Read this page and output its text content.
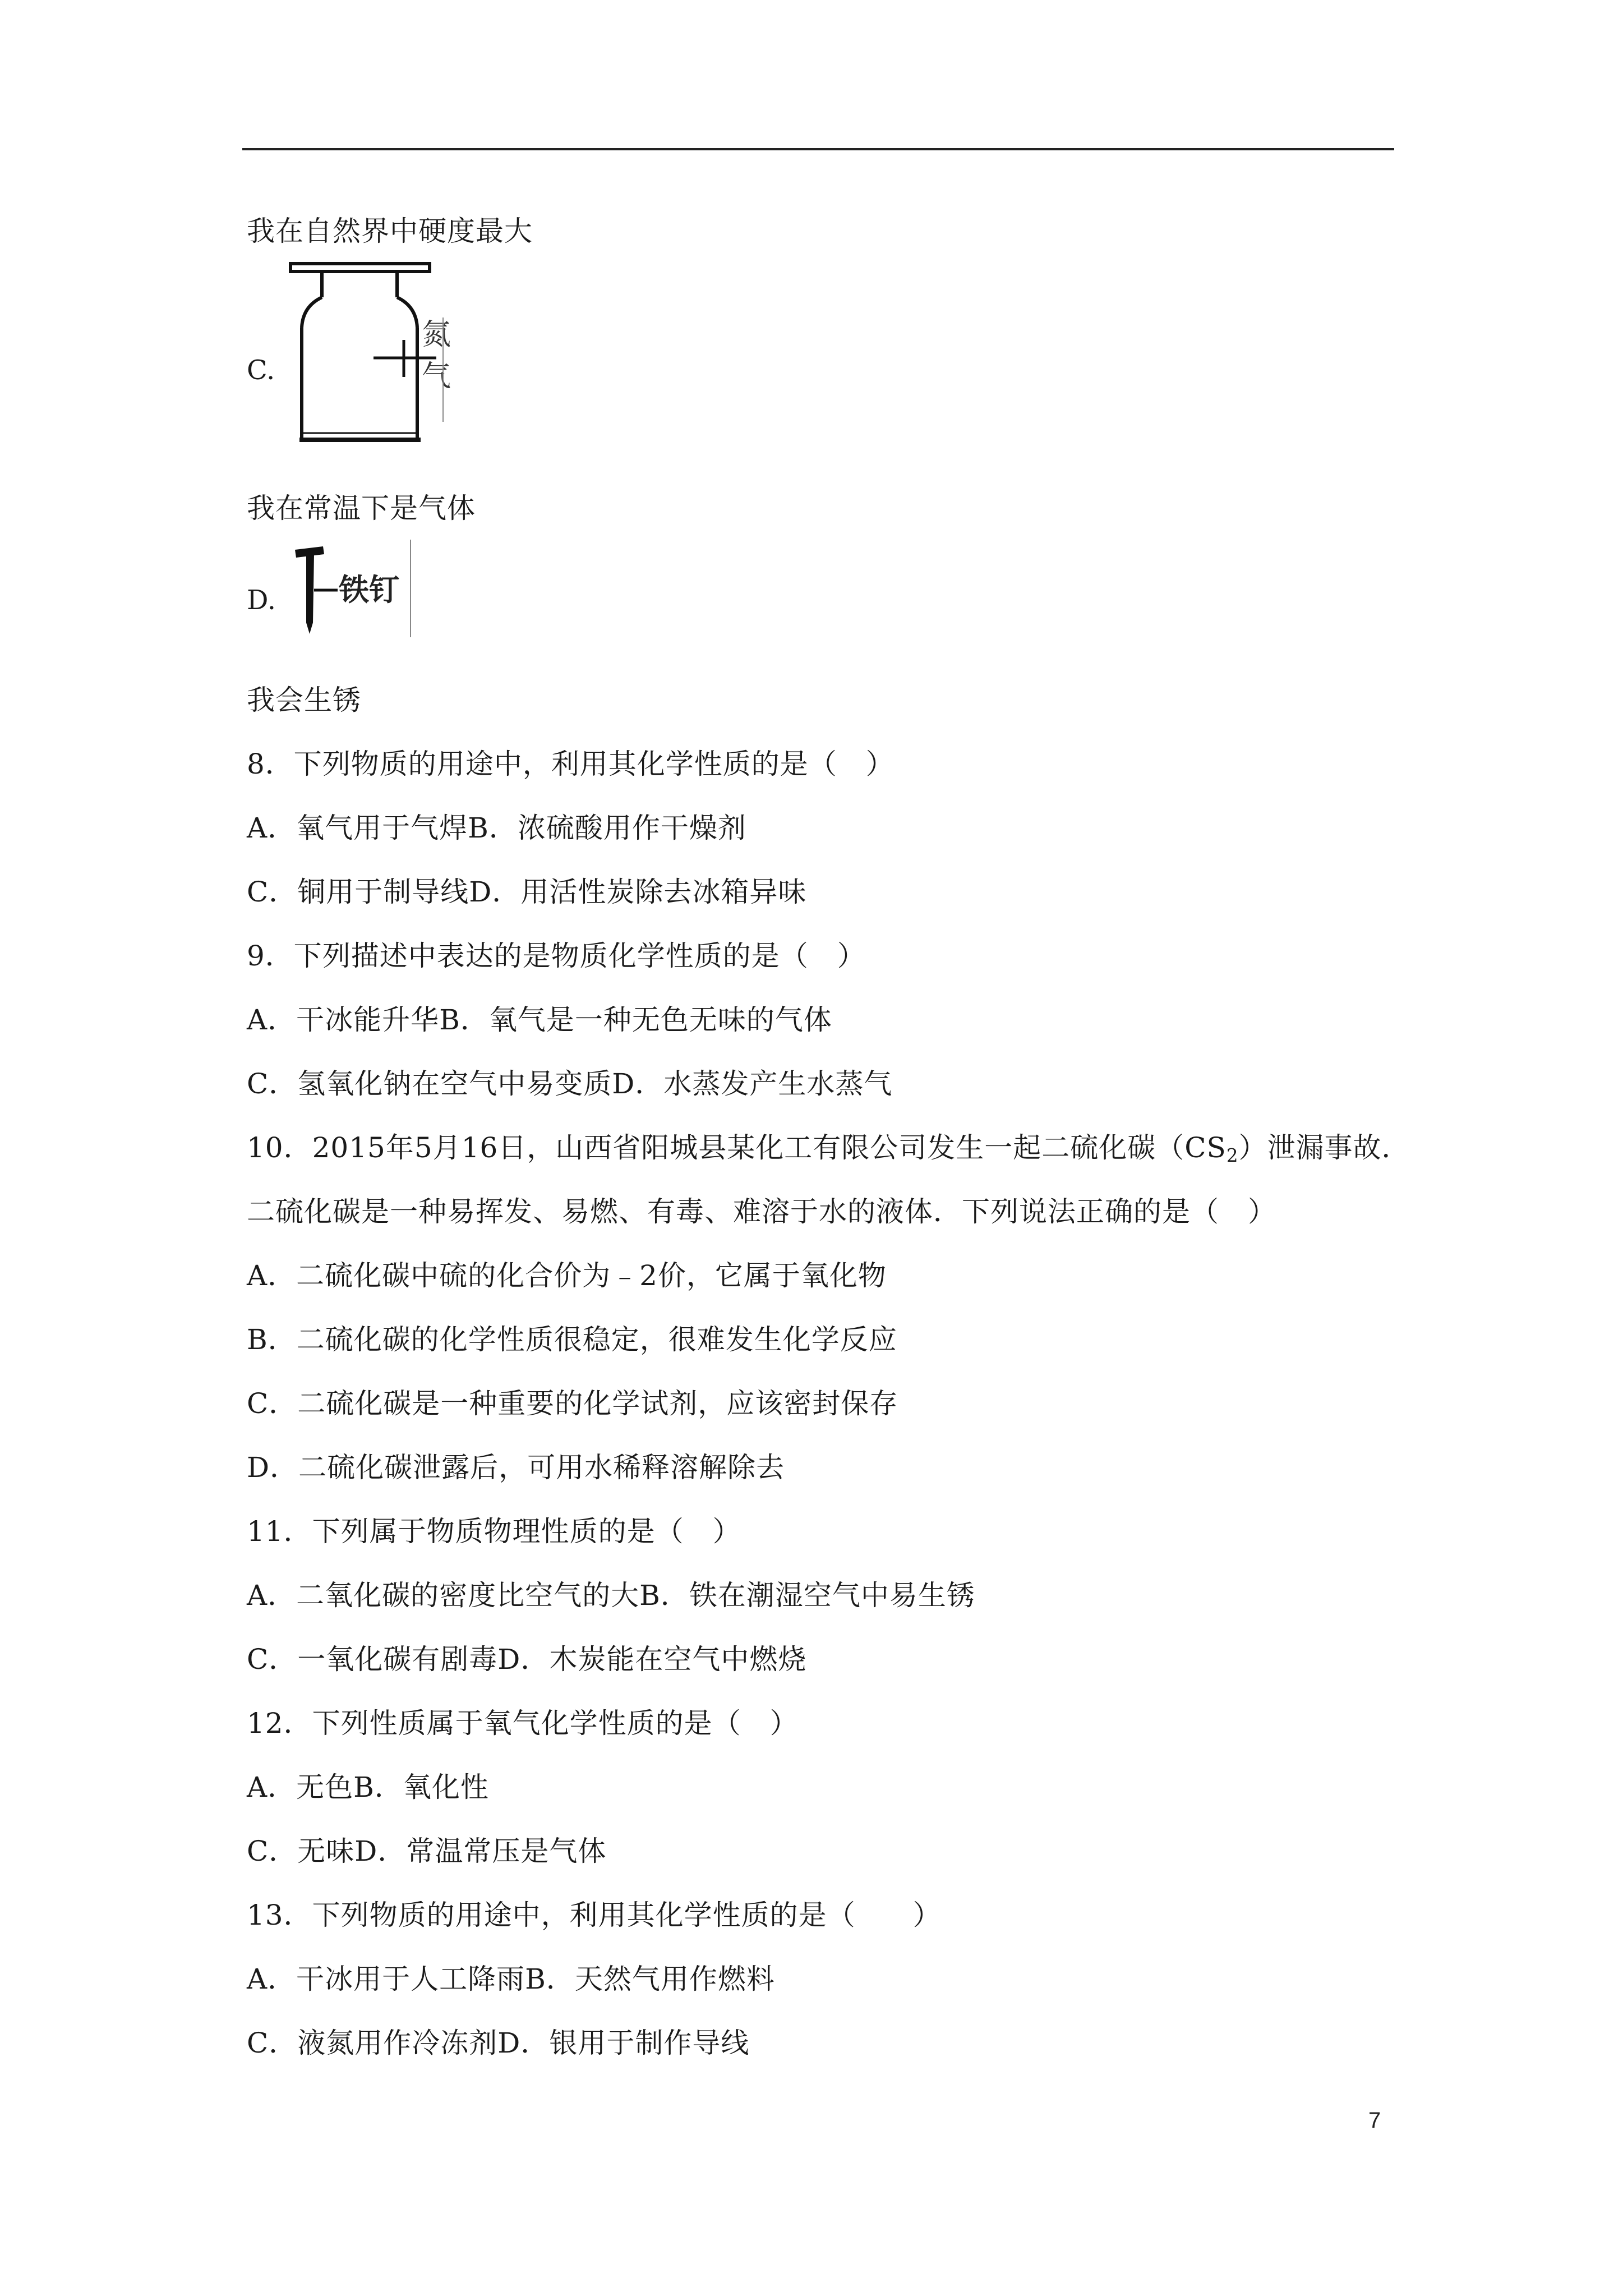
我在自然界中硬度最大
C.
氮
气
我在常温下是气体
D. 铁钉
我会生锈
8．下列物质的用途中，利用其化学性质的是（　）
A．氧气用于气焊B．浓硫酸用作干燥剂
C．铜用于制导线D．用活性炭除去冰箱异味
9．下列描述中表达的是物质化学性质的是（　）
A．干冰能升华B．氧气是一种无色无味的气体
C．氢氧化钠在空气中易变质D．水蒸发产生水蒸气
10．2015年5月16日，山西省阳城县某化工有限公司发生一起二硫化碳$(CS_2)$泄漏事故．
二硫化碳是一种易挥发、易燃、有毒、难溶于水的液体．下列说法正确的是（　）
A．二硫化碳中硫的化合价为﹣2价，它属于氧化物
B．二硫化碳的化学性质很稳定，很难发生化学反应
C．二硫化碳是一种重要的化学试剂，应该密封保存
D．二硫化碳泄露后，可用水稀释溶解除去
11．下列属于物质物理性质的是（　）
A．二氧化碳的密度比空气的大B．铁在潮湿空气中易生锈
C．一氧化碳有剧毒D．木炭能在空气中燃烧
12．下列性质属于氧气化学性质的是（　）
A．无色B．氧化性
C．无味D．常温常压是气体
13．下列物质的用途中，利用其化学性质的是（　　）
A．干冰用于人工降雨B．天然气用作燃料
C．液氮用作冷冻剂D．银用于制作导线
7
